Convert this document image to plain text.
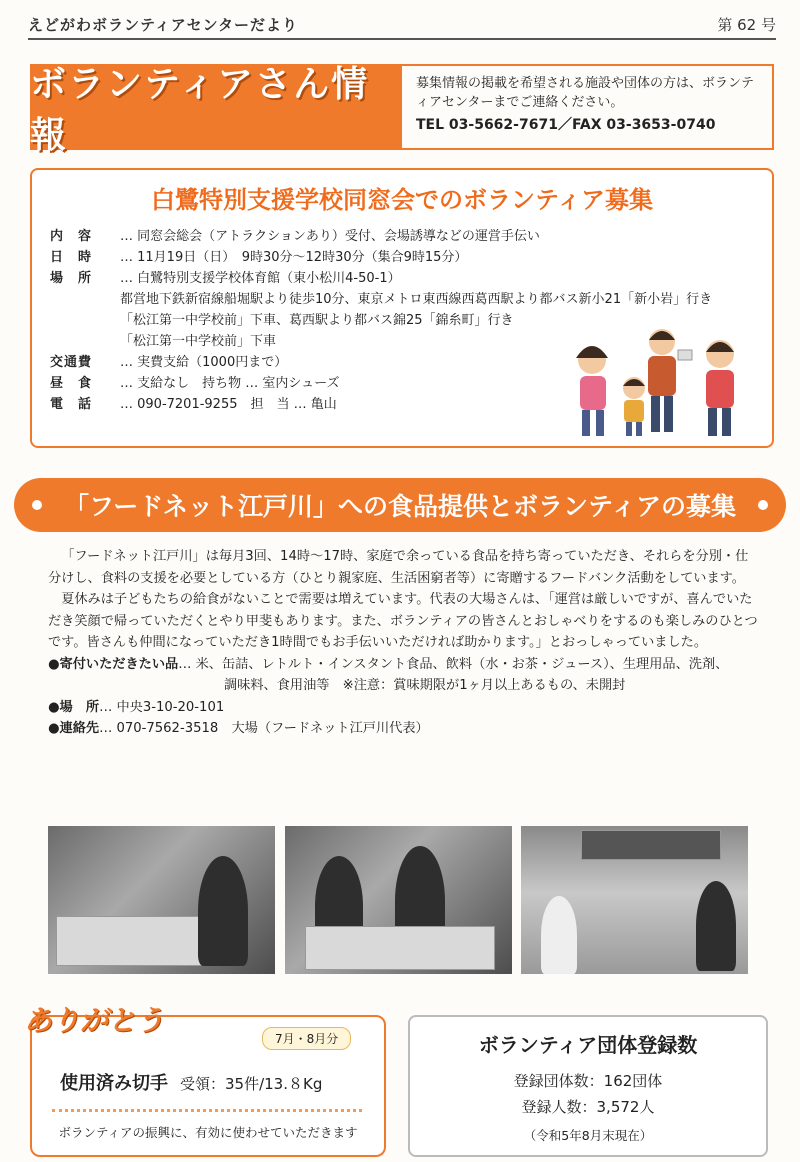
えどがわボランティアセンターだより	第 62 号
ボランティアさん情報
募集情報の掲載を希望される施設や団体の方は、ボランティアセンターまでご連絡ください。
TEL 03-5662-7671／FAX 03-3653-0740
白鷺特別支援学校同窓会でのボランティア募集
内　容	… 同窓会総会（アトラクションあり）受付、会場誘導などの運営手伝い
日　時	… 11月19日（日）　9時30分～12時30分（集合9時15分）
場　所	… 白鷺特別支援学校体育館（東小松川4-50-1）
都営地下鉄新宿線船堀駅より徒歩10分、東京メトロ東西線西葛西駅より都バス新小21「新小岩」行き
「松江第一中学校前」下車、葛西駅より都バス錦25「錦糸町」行き
「松江第一中学校前」下車
交通費	… 実費支給（1000円まで）
昼　食	… 支給なし　持ち物 … 室内シューズ
電　話	… 090-7201-9255　担　当 … 亀山
「フードネット江戸川」への食品提供とボランティアの募集

「フードネット江戸川」は毎月3回、14時～17時、家庭で余っている食品を持ち寄っていただき、それらを分別・仕分けし、食料の支援を必要としている方（ひとり親家庭、生活困窮者等）に寄贈するフードバンク活動をしています。

夏休みは子どもたちの給食がないことで需要は増えています。代表の大場さんは、「運営は厳しいですが、喜んでいただき笑顔で帰っていただくとやり甲斐もあります。また、ボランティアの皆さんとおしゃべりをするのも楽しみのひとつです。皆さんも仲間になっていただき1時間でもお手伝いいただければ助かります。」とおっしゃっていました。

●寄付いただきたい品 … 米、缶詰、レトルト・インスタント食品、飲料（水・お茶・ジュース）、生理用品、洗剤、
調味料、食用油等　※注意：賞味期限が1ヶ月以上あるもの、未開封
●場　所 … 中央3-10-20-101
●連絡先 … 070-7562-3518　大場（フードネット江戸川代表）
ありがとう
7月・8月分
使用済み切手 受領：35件/13.８Kg
ボランティアの振興に、有効に使わせていただきます
ボランティア団体登録数
登録団体数：162団体
登録人数：3,572人
（令和5年8月末現在）
